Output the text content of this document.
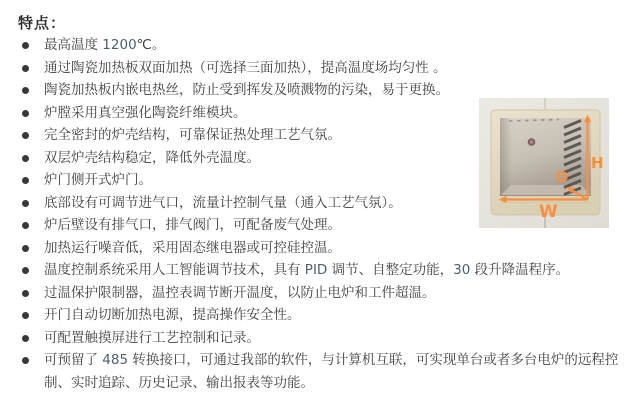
特点：
最高温度 1200℃。
通过陶瓷加热板双面加热（可选择三面加热），提高温度场均匀性 。
陶瓷加热板内嵌电热丝，防止受到挥发及喷溅物的污染，易于更换。
炉膛采用真空强化陶瓷纤维模块。
完全密封的炉壳结构，可靠保证热处理工艺气氛。
双层炉壳结构稳定，降低外壳温度。
炉门侧开式炉门。
底部设有可调节进气口，流量计控制气量（通入工艺气氛）。
炉后壁设有排气口，排气阀门，可配备废气处理。
加热运行噪音低，采用固态继电器或可控硅控温。
温度控制系统采用人工智能调节技术，具有 PID 调节、自整定功能，30 段升降温程序。
过温保护限制器，温控表调节断开温度，以防止电炉和工件超温。
开门自动切断加热电源，提高操作安全性。
可配置触摸屏进行工艺控制和记录。
可预留了 485 转换接口，可通过我部的软件，与计算机互联，可实现单台或者多台电炉的远程控制、实时追踪、历史记录、输出报表等功能。
H
D
W
